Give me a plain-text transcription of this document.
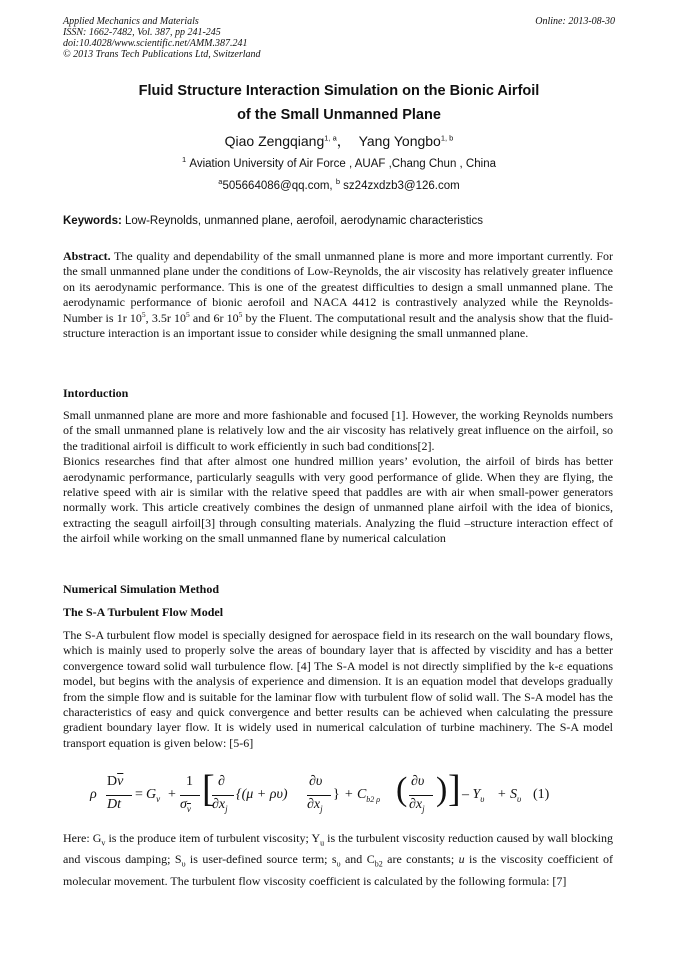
Applied Mechanics and Materials
ISSN: 1662-7482, Vol. 387, pp 241-245
doi:10.4028/www.scientific.net/AMM.387.241
© 2013 Trans Tech Publications Ltd, Switzerland
Online: 2013-08-30
Fluid Structure Interaction Simulation on the Bionic Airfoil
of the Small Unmanned Plane
Qiao Zengqiang$^{1, a}$， Yang Yongbo$^{1, b}$
$^1$ Aviation University of Air Force , AUAF ,Chang Chun , China
$^a$505664086@qq.com, $^b$ sz24zxdzb3@126.com
Keywords: Low-Reynolds, unmanned plane, aerofoil, aerodynamic characteristics

Abstract. The quality and dependability of the small unmanned plane is more and more important currently. For the small unmanned plane under the conditions of Low-Reynolds, the air viscosity has relatively greater influence on its aerodynamic performance. This is one of the greatest difficulties to design a small unmanned plane. The aerodynamic performance of bionic aerofoil and NACA 4412 is contrastively analyzed while the Reynolds-Number is 1r $10^5$, 3.5r $10^5$ and 6r $10^5$ by the Fluent. The computational result and the analysis show that the fluid-structure interaction is an important issue to consider while designing the small unmanned plane.

Intorduction

Small unmanned plane are more and more fashionable and focused [1]. However, the working Reynolds numbers of the small unmanned plane is relatively low and the air viscosity has relatively great influence on the airfoil, so the traditional airfoil is difficult to work efficiently in such bad conditions[2].

Bionics researches find that after almost one hundred million years’ evolution, the airfoil of birds has better aerodynamic performance, particularly seagulls with very good performance of glide. When they are flying, the relative speed with air is similar with the relative speed that paddles are with air when small-power generators normally work. This article creatively combines the design of unmanned plane airfoil with the idea of bionics, extracting the seagull airfoil[3] through consulting materials. Analyzing the fluid –structure interaction effect of the airfoil while working on the small unmanned flane by numerical calculation

Numerical Simulation Method
The S-A Turbulent Flow Model

The S-A turbulent flow model is specially designed for aerospace field in its research on the wall boundary flows, which is mainly used to properly solve the areas of boundary layer that is affected by viscidity and has a better convergence toward solid wall turbulence flow. [4] The S-A model is not directly simplified by the k-ε equations model, but begins with the analysis of experience and dimension. It is an equation model that develops gradually from the simple flow and is suitable for the laminar flow with turbulent flow of solid wall. The S-A model has the characteristics of easy and quick convergence and better results can be achieved when calculating the pressure gradient boundary layer flow. It is widely used in numerical calculation of turbine machinery. The S-A model transport equation is given below: [5-6]

ρ
$D\overline{v}$
Dt
= $G_v$ +
1
$\sigma_{\overline{v}}$ [ ∂
$\partial x_j$
{(μ + ρυ)
∂υ
$\partial x_j$
} + $C_{b2 \rho}$ ( ∂υ
$\partial x_j$
) ] – $Y_\upsilon + S_\upsilon$ (1)

Here: $G_v$ is the produce item of turbulent viscosity; $Y_u$ is the turbulent viscosity reduction caused by wall blocking and viscous damping; $S_\upsilon$ is user-defined source term; $s_\upsilon$ and $C_{b2}$ are constants; u is the viscosity coefficient of molecular movement. The turbulent flow viscosity coefficient is calculated by the following formula: [7]
